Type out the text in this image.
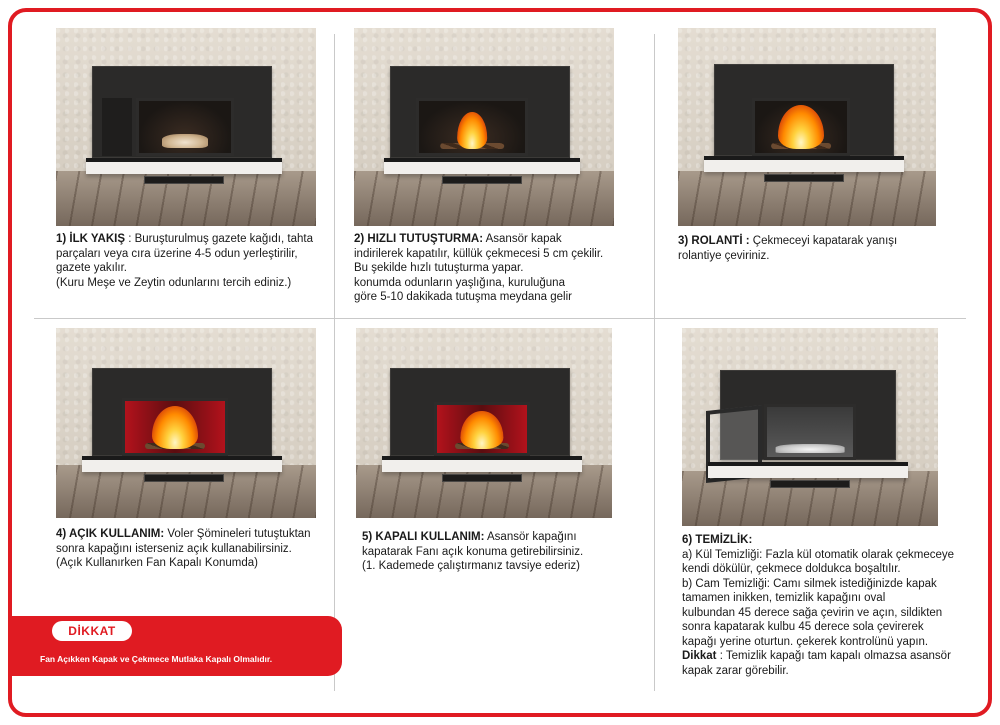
1) İLK YAKIŞ : Buruşturulmuş gazete kağıdı, tahta
parçaları veya cıra üzerine 4-5 odun yerleştirilir,
gazete yakılır.
(Kuru Meşe ve Zeytin odunlarını tercih ediniz.)
2) HIZLI TUTUŞTURMA: Asansör kapak
indirilerek kapatılır, küllük çekmecesi 5 cm çekilir.
Bu şekilde hızlı tutuşturma yapar.
konumda odunların yaşlığına, kuruluğuna
göre 5-10 dakikada tutuşma meydana gelir
3) ROLANTİ : Çekmeceyi kapatarak yanışı
rolantiye çeviriniz.
4) AÇIK KULLANIM: Voler Şömineleri tutuştuktan
sonra kapağını isterseniz açık kullanabilirsiniz.
(Açık Kullanırken Fan Kapalı Konumda)
5) KAPALI KULLANIM: Asansör kapağını
kapatarak Fanı açık konuma getirebilirsiniz.
(1. Kademede çalıştırmanız tavsiye ederiz)
6) TEMİZLİK:
a) Kül Temizliği: Fazla kül otomatik olarak çekmeceye
kendi dökülür, çekmece doldukca boşaltılır.
b) Cam Temizliği: Camı silmek istediğinizde kapak
tamamen inikken, temizlik kapağını oval
kulbundan 45 derece sağa çevirin ve açın, sildikten
sonra kapatarak kulbu 45 derece sola çevirerek
kapağı yerine oturtun. çekerek kontrolünü yapın.
Dikkat : Temizlik kapağı tam kapalı olmazsa asansör
kapak zarar görebilir.
DİKKAT
Fan Açıkken Kapak ve Çekmece Mutlaka Kapalı Olmalıdır.
